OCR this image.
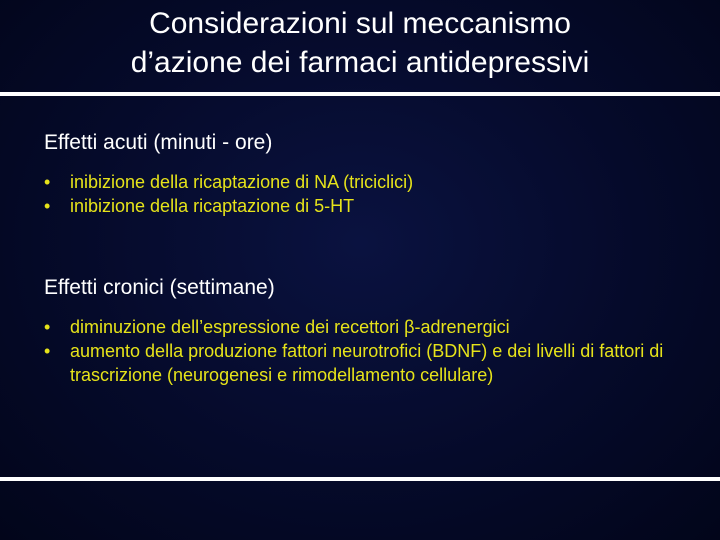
Considerazioni sul meccanismo
d’azione dei farmaci antidepressivi
Effetti acuti (minuti - ore)
• inibizione della ricaptazione di NA (triciclici)
• inibizione della ricaptazione di 5-HT
Effetti cronici (settimane)
• diminuzione dell’espressione dei recettori β-adrenergici
• aumento della produzione fattori neurotrofici (BDNF) e dei livelli di fattori di trascrizione (neurogenesi e rimodellamento cellulare)
